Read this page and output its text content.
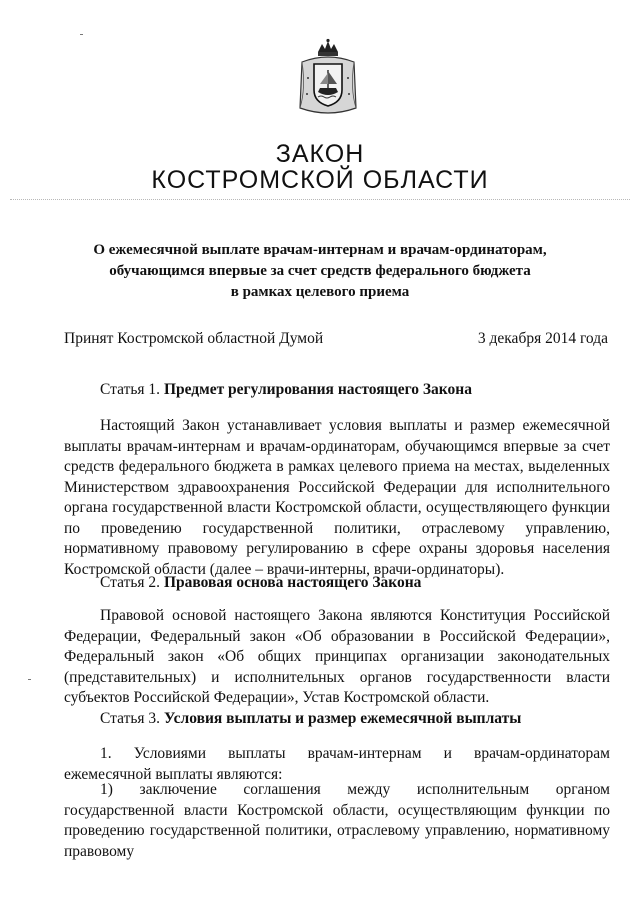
ЗАКОН
КОСТРОМСКОЙ ОБЛАСТИ
О ежемесячной выплате врачам-интернам и врачам-ординаторам,
обучающимся впервые за счет средств федерального бюджета
в рамках целевого приема
Принят Костромской областной Думой	3 декабря 2014 года
Статья 1. Предмет регулирования настоящего Закона

Настоящий Закон устанавливает условия выплаты и размер ежемесячной выплаты врачам-интернам и врачам-ординаторам, обучающимся впервые за счет средств федерального бюджета в рамках целевого приема на местах, выделенных Министерством здравоохранения Российской Федерации для исполнительного органа государственной власти Костромской области, осуществляющего функции по проведению государственной политики, отраслевому управлению, нормативному правовому регулированию в сфере охраны здоровья населения Костромской области (далее – врачи-интерны, врачи-ординаторы).

Статья 2. Правовая основа настоящего Закона

Правовой основой настоящего Закона являются Конституция Российской Федерации, Федеральный закон «Об образовании в Российской Федерации», Федеральный закон «Об общих принципах организации законодательных (представительных) и исполнительных органов государственности власти субъектов Российской Федерации», Устав Костромской области.

Статья 3. Условия выплаты и размер ежемесячной выплаты

1. Условиями выплаты врачам-интернам и врачам-ординаторам ежемесячной выплаты являются:

1) заключение соглашения между исполнительным органом государственной власти Костромской области, осуществляющим функции по проведению государственной политики, отраслевому управлению, нормативному правовому
